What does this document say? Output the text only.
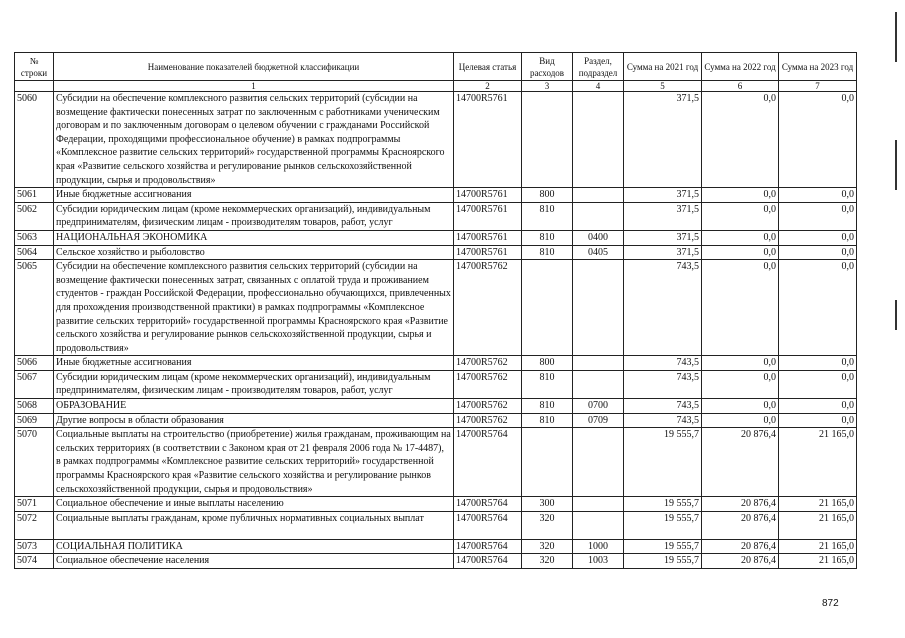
№ строки	Наименование показателей бюджетной классификации	Целевая статья	Вид расходов	Раздел, подраздел	Сумма на 2021 год	Сумма на 2022 год	Сумма на 2023 год
	1	2	3	4	5	6	7
5060	Субсидии на обеспечение комплексного развития сельских территорий (субсидии на возмещение фактически понесенных затрат по заключенным с работниками ученическим договорам и по заключенным договорам о целевом обучении с гражданами Российской Федерации, проходящими профессиональное обучение) в рамках подпрограммы «Комплексное развитие сельских территорий» государственной программы Красноярского края «Развитие сельского хозяйства и регулирование рынков сельскохозяйственной продукции, сырья и продовольствия»	14700R5761			371,5	0,0	0,0
5061	Иные бюджетные ассигнования	14700R5761	800		371,5	0,0	0,0
5062	Субсидии юридическим лицам (кроме некоммерческих организаций), индивидуальным предпринимателям, физическим лицам - производителям товаров, работ, услуг	14700R5761	810		371,5	0,0	0,0
5063	НАЦИОНАЛЬНАЯ ЭКОНОМИКА	14700R5761	810	0400	371,5	0,0	0,0
5064	Сельское хозяйство и рыболовство	14700R5761	810	0405	371,5	0,0	0,0
5065	Субсидии на обеспечение комплексного развития сельских территорий (субсидии на возмещение фактически понесенных затрат, связанных с оплатой труда и проживанием студентов - граждан Российской Федерации, профессионально обучающихся, привлеченных для прохождения производственной практики) в рамках подпрограммы «Комплексное развитие сельских территорий» государственной программы Красноярского края «Развитие сельского хозяйства и регулирование рынков сельскохозяйственной продукции, сырья и продовольствия»	14700R5762			743,5	0,0	0,0
5066	Иные бюджетные ассигнования	14700R5762	800		743,5	0,0	0,0
5067	Субсидии юридическим лицам (кроме некоммерческих организаций), индивидуальным предпринимателям, физическим лицам - производителям товаров, работ, услуг	14700R5762	810		743,5	0,0	0,0
5068	ОБРАЗОВАНИЕ	14700R5762	810	0700	743,5	0,0	0,0
5069	Другие вопросы в области образования	14700R5762	810	0709	743,5	0,0	0,0
5070	Социальные выплаты на строительство (приобретение) жилья гражданам, проживающим на сельских территориях (в соответствии с Законом края от 21 февраля 2006 года № 17-4487), в рамках подпрограммы «Комплексное развитие сельских территорий» государственной программы Красноярского края «Развитие сельского хозяйства и регулирование рынков сельскохозяйственной продукции, сырья и продовольствия»	14700R5764			19 555,7	20 876,4	21 165,0
5071	Социальное обеспечение и иные выплаты населению	14700R5764	300		19 555,7	20 876,4	21 165,0
5072	Социальные выплаты гражданам, кроме публичных нормативных социальных выплат	14700R5764	320		19 555,7	20 876,4	21 165,0
5073	СОЦИАЛЬНАЯ ПОЛИТИКА	14700R5764	320	1000	19 555,7	20 876,4	21 165,0
5074	Социальное обеспечение населения	14700R5764	320	1003	19 555,7	20 876,4	21 165,0
872
